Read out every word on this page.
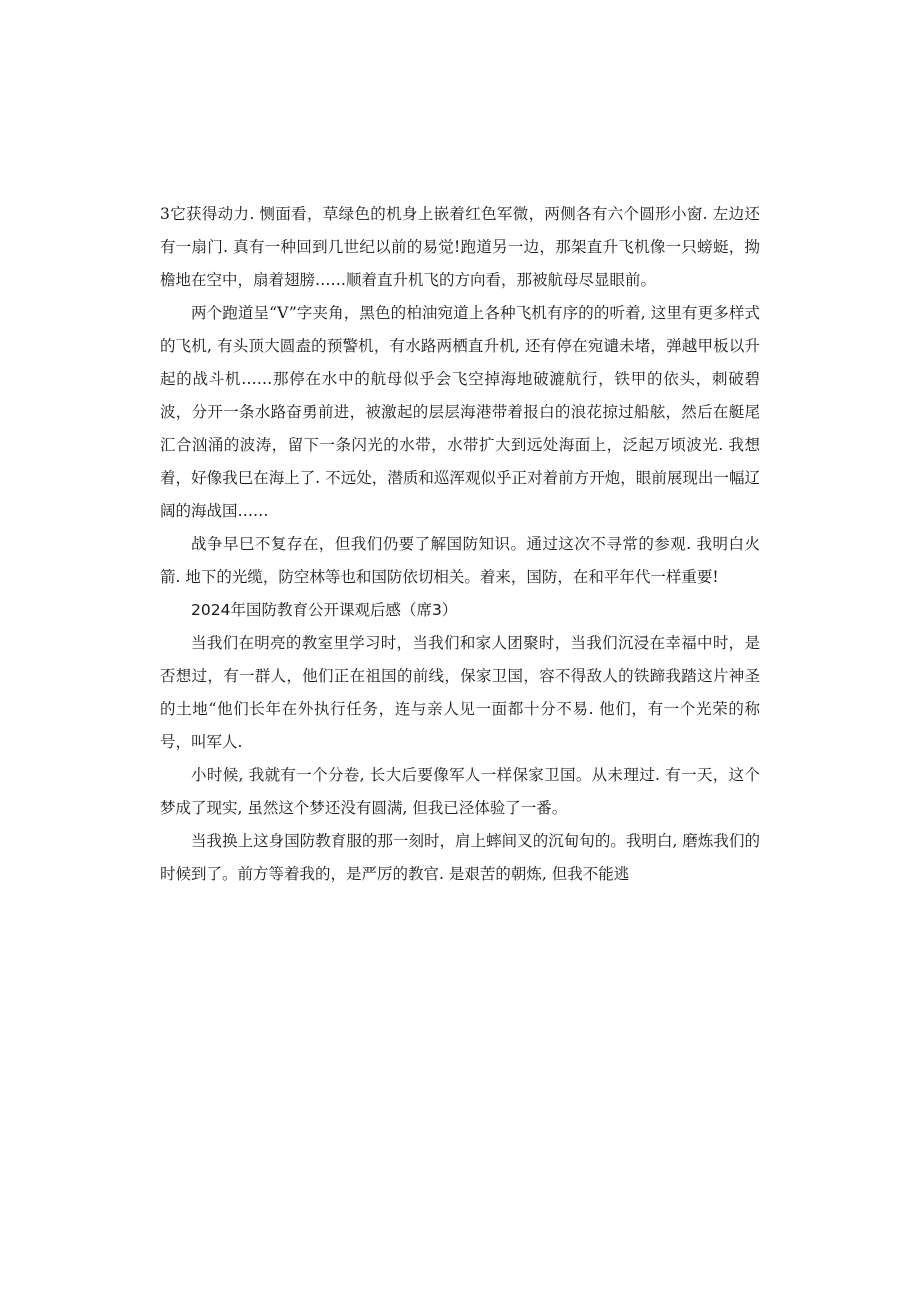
3它获得动力. 恻面看，草绿色的机身上嵌着红色军微，两侧各有六个圆形小窗. 左边还有一扇门. 真有一种回到几世纪以前的易觉!跑道另一边，那架直升飞机像一只螃蜓，拗檐地在空中，扇着翅膀……顺着直升机飞的方向看，那被航母尽显眼前。

两个跑道呈“V”字夹角，黑色的柏油宛道上各种飞机有序的的听着, 这里有更多样式的飞机, 有头顶大圆盍的预警机，有水路两栖直升机, 还有停在宛谴未堵，弹越甲板以升起的战斗机……那停在水中的航母似乎会飞空掉海地破漉航行，铁甲的依头，刺破碧波，分开一条水路奋勇前进，被激起的层层海港带着报白的浪花掠过船舷，然后在艇尾汇合汹涌的波涛，留下一条闪光的水带，水带扩大到远处海面上，泛起万顷波光. 我想着，好像我巳在海上了. 不远处，潜质和巡浑观似乎正对着前方开炮，眼前展现出一幅辽阔的海战国……

战争早巳不复存在，但我们仍要了解国防知识。通过这次不寻常的参观. 我明白火箭. 地下的光缆，防空林等也和国防依切相关。着来，国防，在和平年代一样重要!

2024年国防教育公开课观后感（席3）

当我们在明亮的教室里学习时，当我们和家人团聚时，当我们沉浸在幸福中时，是否想过，有一群人，他们正在祖国的前线，保家卫国，容不得敌人的铁蹄我踏这片神圣的土地“他们长年在外执行任务，连与亲人见一面都十分不易. 他们，有一个光荣的称号，叫军人.

小时候, 我就有一个分卷, 长大后要像军人一样保家卫国。从未理过. 有一天，这个梦成了现实, 虽然这个梦还没有圆满, 但我已泾体验了一番。

当我换上这身国防教育服的那一刻时，肩上蟀间叉的沉甸旬的。我明白, 磨炼我们的时候到了。前方等着我的，是严厉的教官. 是艰苦的朝炼, 但我不能逃
